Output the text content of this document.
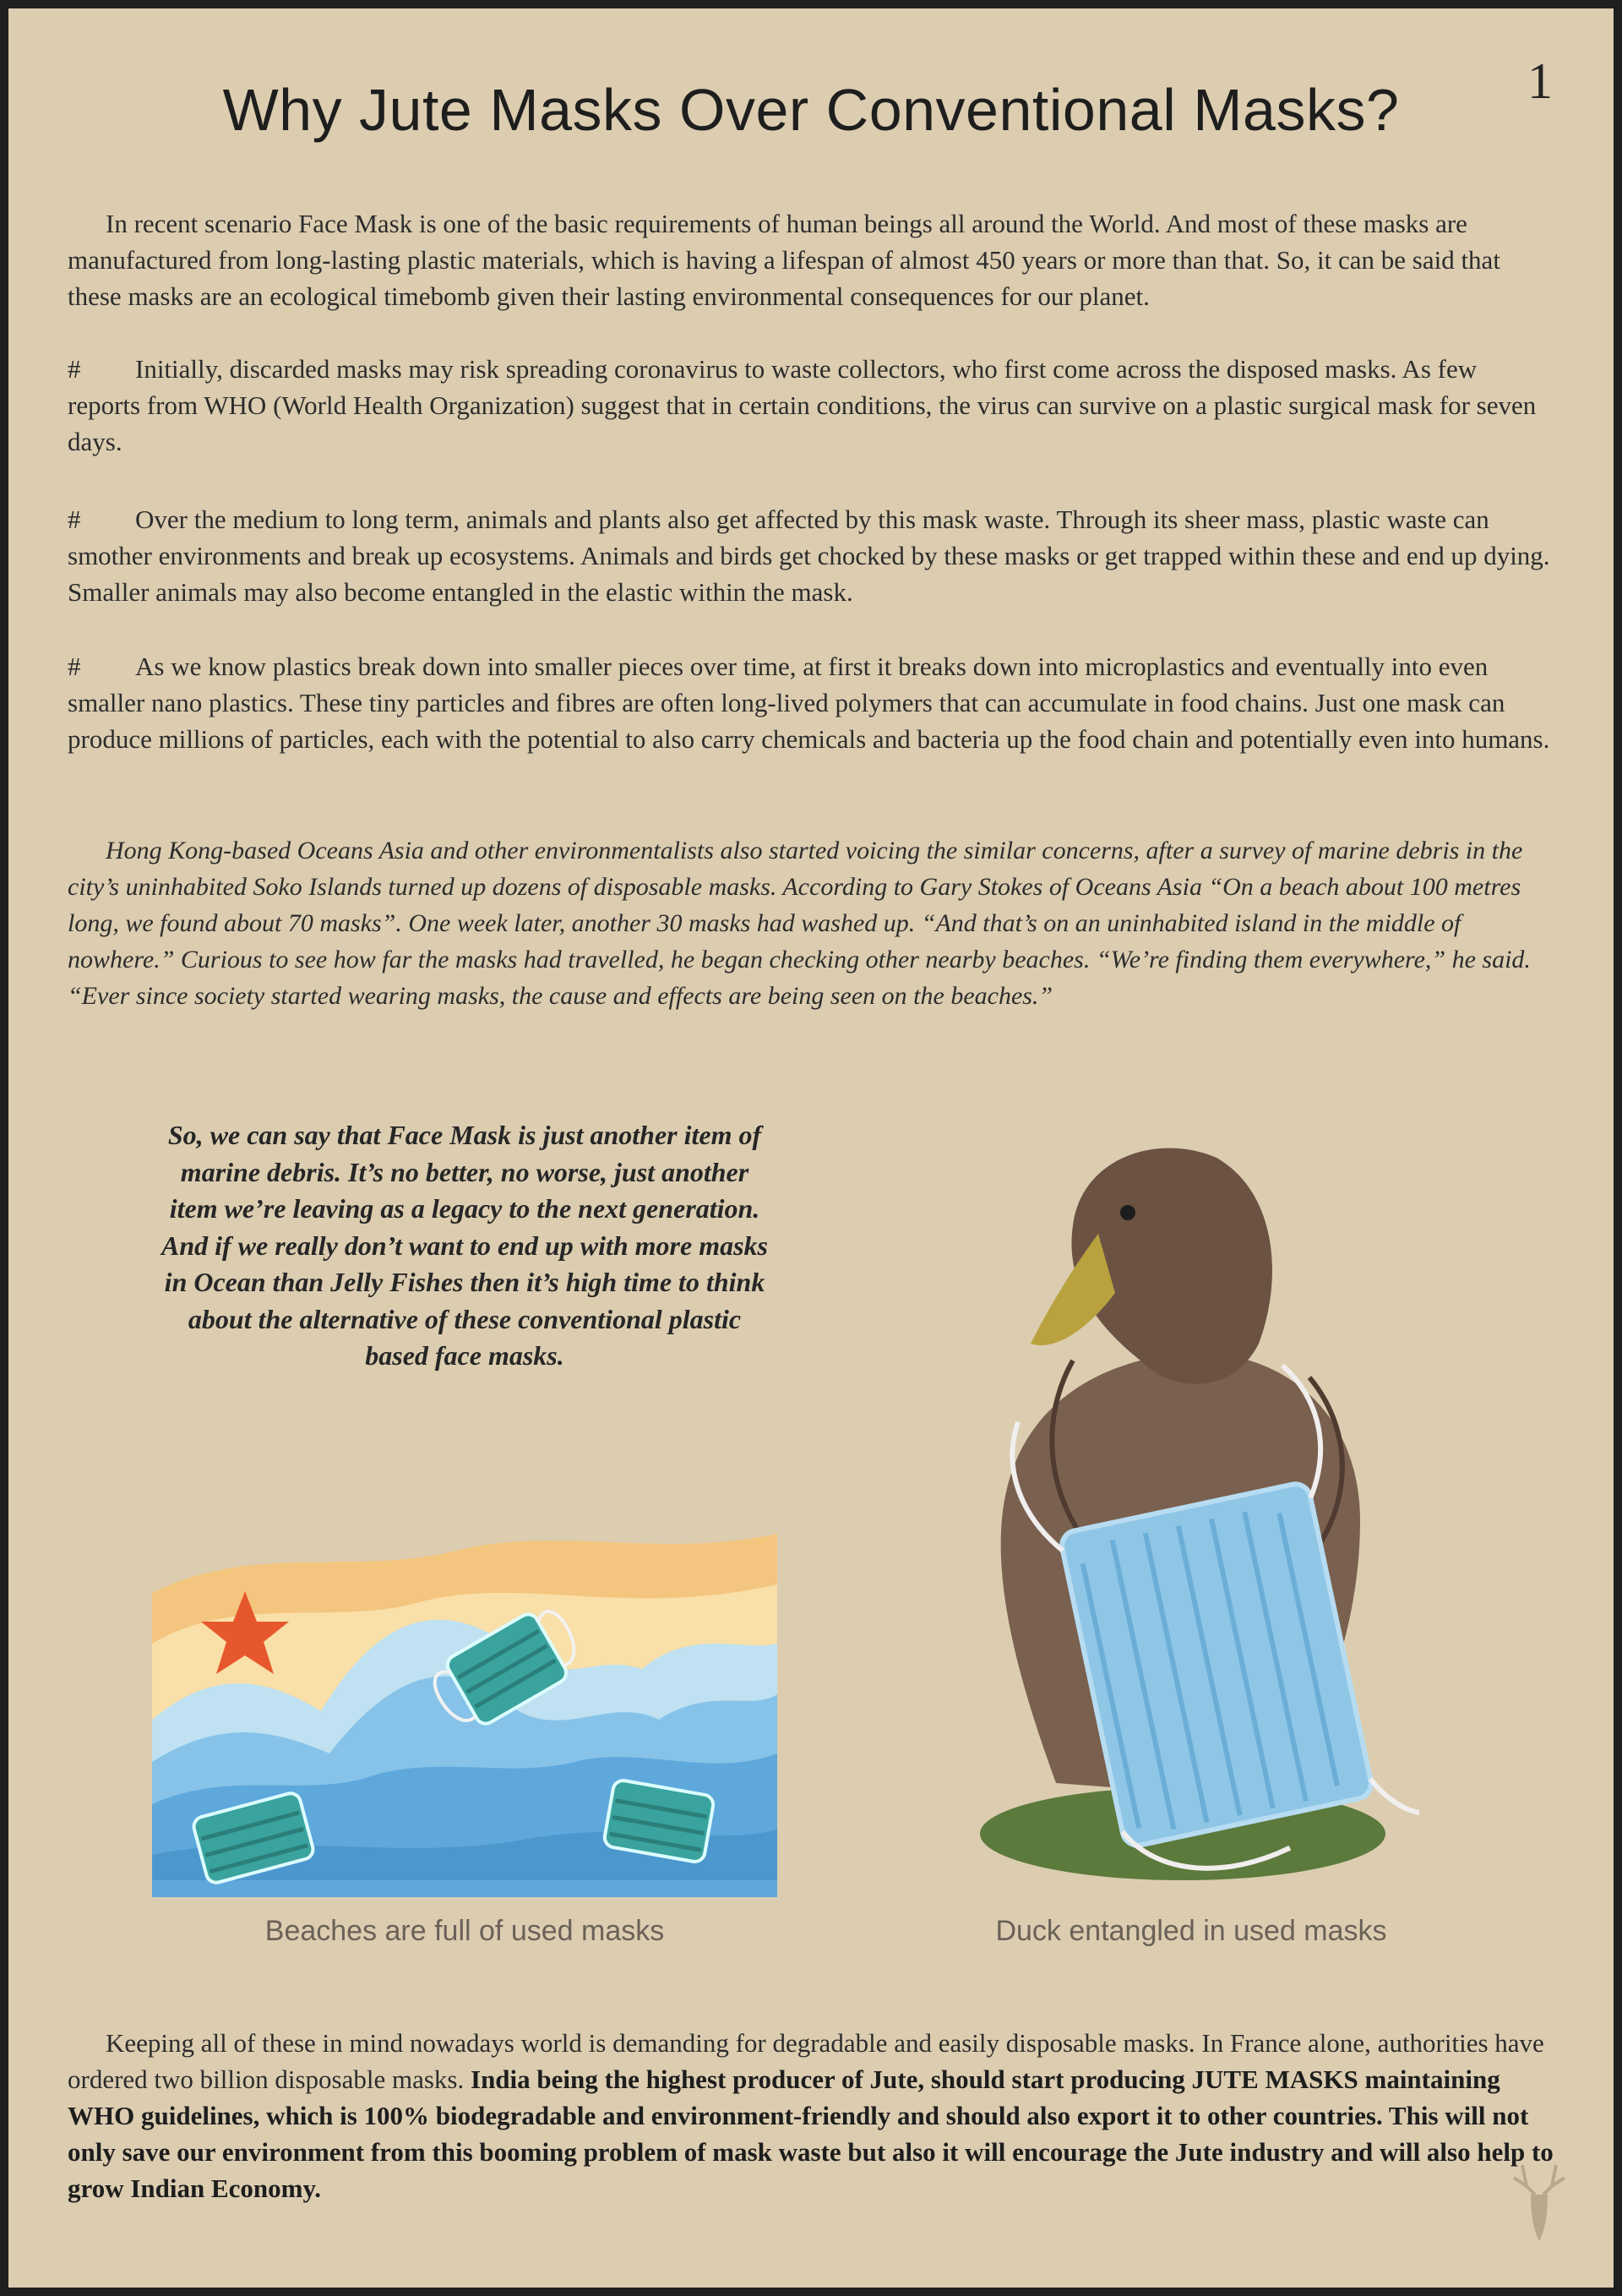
1
Why Jute Masks Over Conventional Masks?

In recent scenario Face Mask is one of the basic requirements of human beings all around the World. And most of these masks are manufactured from long-lasting plastic materials, which is having a lifespan of almost 450 years or more than that. So, it can be said that these masks are an ecological timebomb given their lasting environmental consequences for our planet.

# Initially, discarded masks may risk spreading coronavirus to waste collectors, who first come across the disposed masks. As few reports from WHO (World Health Organization) suggest that in certain conditions, the virus can survive on a plastic surgical mask for seven days.

# Over the medium to long term, animals and plants also get affected by this mask waste. Through its sheer mass, plastic waste can smother environments and break up ecosystems. Animals and birds get chocked by these masks or get trapped within these and end up dying. Smaller animals may also become entangled in the elastic within the mask.

# As we know plastics break down into smaller pieces over time, at first it breaks down into microplastics and eventually into even smaller nano plastics. These tiny particles and fibres are often long-lived polymers that can accumulate in food chains. Just one mask can produce millions of particles, each with the potential to also carry chemicals and bacteria up the food chain and potentially even into humans.

Hong Kong-based Oceans Asia and other environmentalists also started voicing the similar concerns, after a survey of marine debris in the city’s uninhabited Soko Islands turned up dozens of disposable masks. According to Gary Stokes of Oceans Asia “On a beach about 100 metres long, we found about 70 masks”. One week later, another 30 masks had washed up. “And that’s on an uninhabited island in the middle of nowhere.” Curious to see how far the masks had travelled, he began checking other nearby beaches. “We’re finding them everywhere,” he said. “Ever since society started wearing masks, the cause and effects are being seen on the beaches.”

So, we can say that Face Mask is just another item of marine debris. It’s no better, no worse, just another item we’re leaving as a legacy to the next generation. And if we really don’t want to end up with more masks in Ocean than Jelly Fishes then it’s high time to think about the alternative of these conventional plastic based face masks.

Beaches are full of used masks	Duck entangled in used masks

Keeping all of these in mind nowadays world is demanding for degradable and easily disposable masks. In France alone, authorities have ordered two billion disposable masks. India being the highest producer of Jute, should start producing JUTE MASKS maintaining WHO guidelines, which is 100% biodegradable and environment-friendly and should also export it to other countries. This will not only save our environment from this booming problem of mask waste but also it will encourage the Jute industry and will also help to grow Indian Economy.
